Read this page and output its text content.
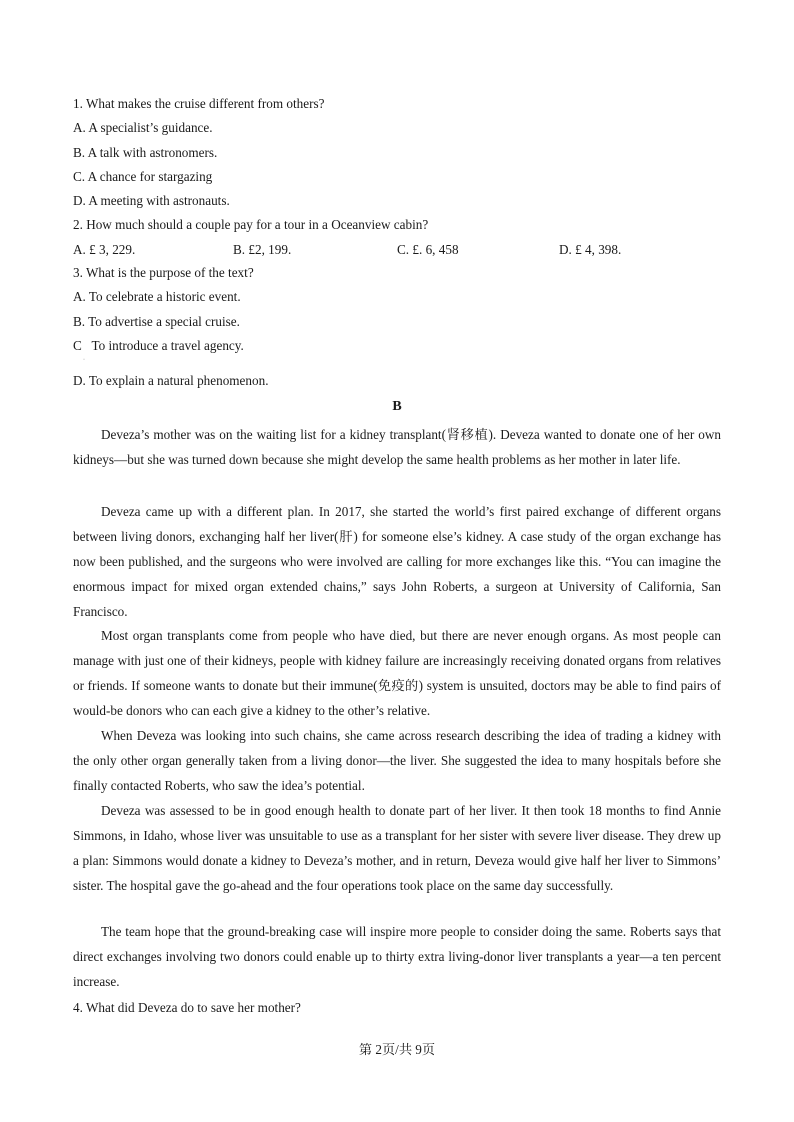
1. What makes the cruise different from others?

A. A specialist’s guidance.

B. A talk with astronomers.

C. A chance for stargazing

D. A meeting with astronauts.

2. How much should a couple pay for a tour in a Oceanview cabin?

A. £ 3, 229.	B. £2, 199.	C. £. 6, 458	D. £ 4, 398.

3. What is the purpose of the text?

A. To celebrate a historic event.

B. To advertise a special cruise.

C   To introduce a travel agency.

·

D. To explain a natural phenomenon.

B

Deveza’s mother was on the waiting list for a kidney transplant(肾移植). Deveza wanted to donate one of her own kidneys—but she was turned down because she might develop the same health problems as her mother in later life.

Deveza came up with a different plan. In 2017, she started the world’s first paired exchange of different organs between living donors, exchanging half her liver(肝) for someone else’s kidney. A case study of the organ exchange has now been published, and the surgeons who were involved are calling for more exchanges like this. “You can imagine the enormous impact for mixed organ extended chains,” says John Roberts, a surgeon at University of California, San Francisco.

Most organ transplants come from people who have died, but there are never enough organs. As most people can manage with just one of their kidneys, people with kidney failure are increasingly receiving donated organs from relatives or friends. If someone wants to donate but their immune(免疫的) system is unsuited, doctors may be able to find pairs of would-be donors who can each give a kidney to the other’s relative.

When Deveza was looking into such chains, she came across research describing the idea of trading a kidney with the only other organ generally taken from a living donor—the liver. She suggested the idea to many hospitals before she finally contacted Roberts, who saw the idea’s potential.

Deveza was assessed to be in good enough health to donate part of her liver. It then took 18 months to find Annie Simmons, in Idaho, whose liver was unsuitable to use as a transplant for her sister with severe liver disease. They drew up a plan: Simmons would donate a kidney to Deveza’s mother, and in return, Deveza would give half her liver to Simmons’ sister. The hospital gave the go-ahead and the four operations took place on the same day successfully.

The team hope that the ground-breaking case will inspire more people to consider doing the same. Roberts says that direct exchanges involving two donors could enable up to thirty extra living-donor liver transplants a year—a ten percent increase.

4. What did Deveza do to save her mother?

第 2页/共 9页
